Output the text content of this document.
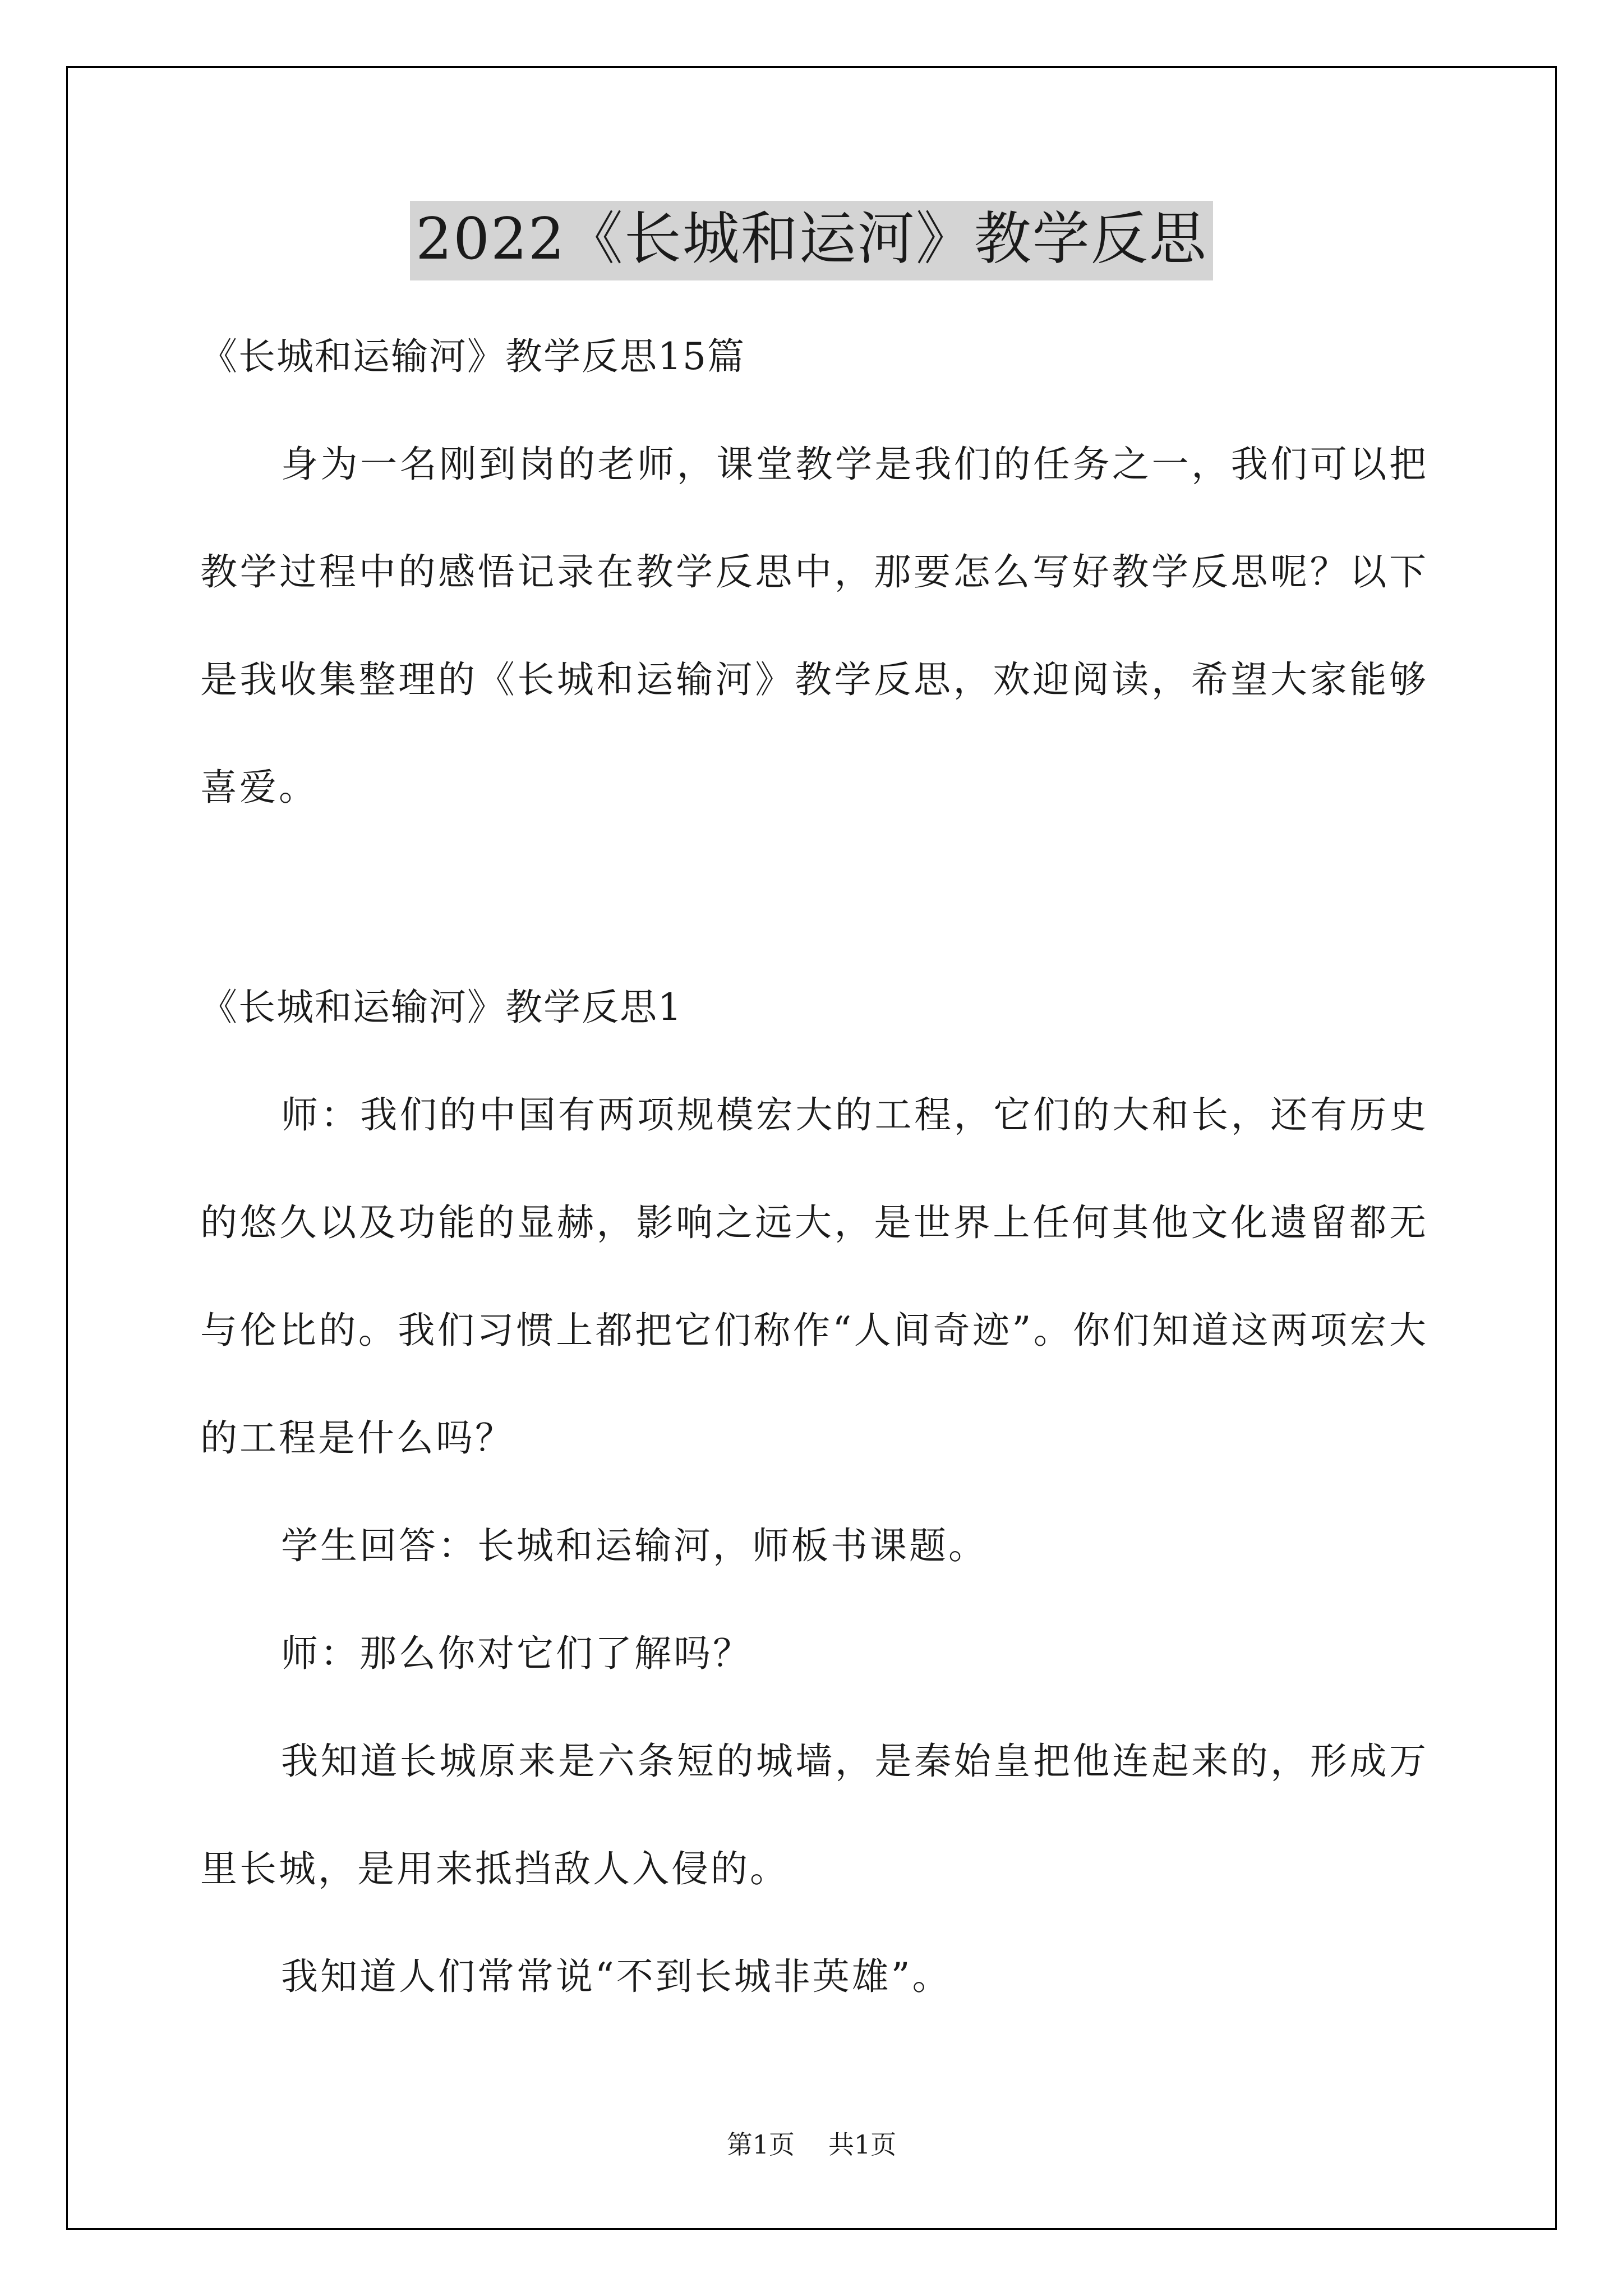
2022《长城和运河》教学反思

《长城和运输河》教学反思15篇

身为一名刚到岗的老师，课堂教学是我们的任务之一，我们可以把教学过程中的感悟记录在教学反思中，那要怎么写好教学反思呢？以下是我收集整理的《长城和运输河》教学反思，欢迎阅读，希望大家能够喜爱。

《长城和运输河》教学反思1

师：我们的中国有两项规模宏大的工程，它们的大和长，还有历史的悠久以及功能的显赫，影响之远大，是世界上任何其他文化遗留都无与伦比的。我们习惯上都把它们称作“人间奇迹”。你们知道这两项宏大的工程是什么吗？

学生回答：长城和运输河，师板书课题。

师：那么你对它们了解吗？

我知道长城原来是六条短的城墙，是秦始皇把他连起来的，形成万里长城，是用来抵挡敌人入侵的。

我知道人们常常说“不到长城非英雄”。

第1页 共1页
